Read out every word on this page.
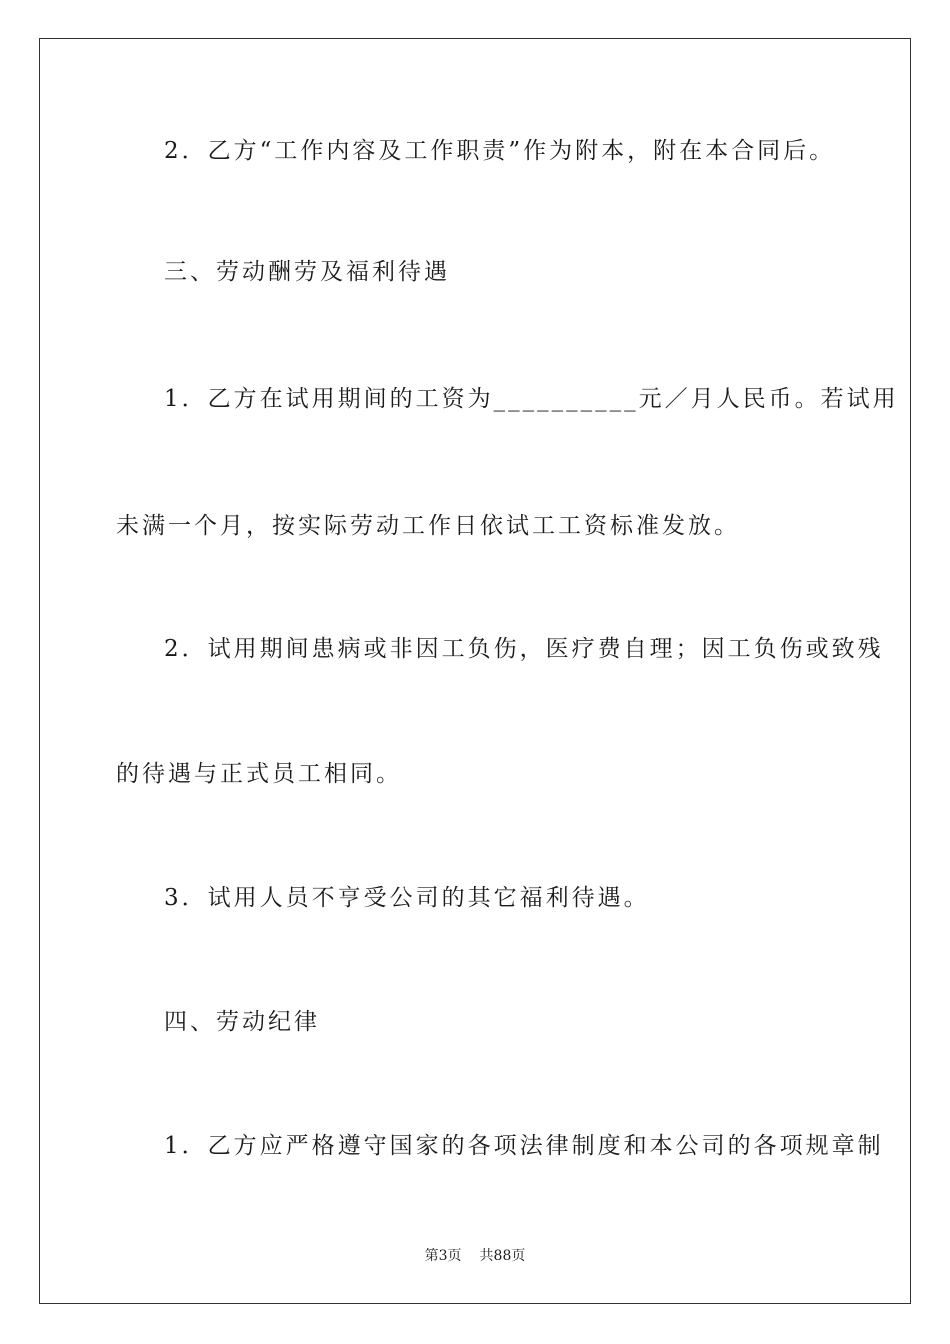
2．乙方“工作内容及工作职责”作为附本，附在本合同后。
三、劳动酬劳及福利待遇
1．乙方在试用期间的工资为__________元／月人民币。若试用
未满一个月，按实际劳动工作日依试工工资标准发放。
2．试用期间患病或非因工负伤，医疗费自理；因工负伤或致残
的待遇与正式员工相同。
3．试用人员不亨受公司的其它福利待遇。
四、劳动纪律
1．乙方应严格遵守国家的各项法律制度和本公司的各项规章制
第3页 共88页
